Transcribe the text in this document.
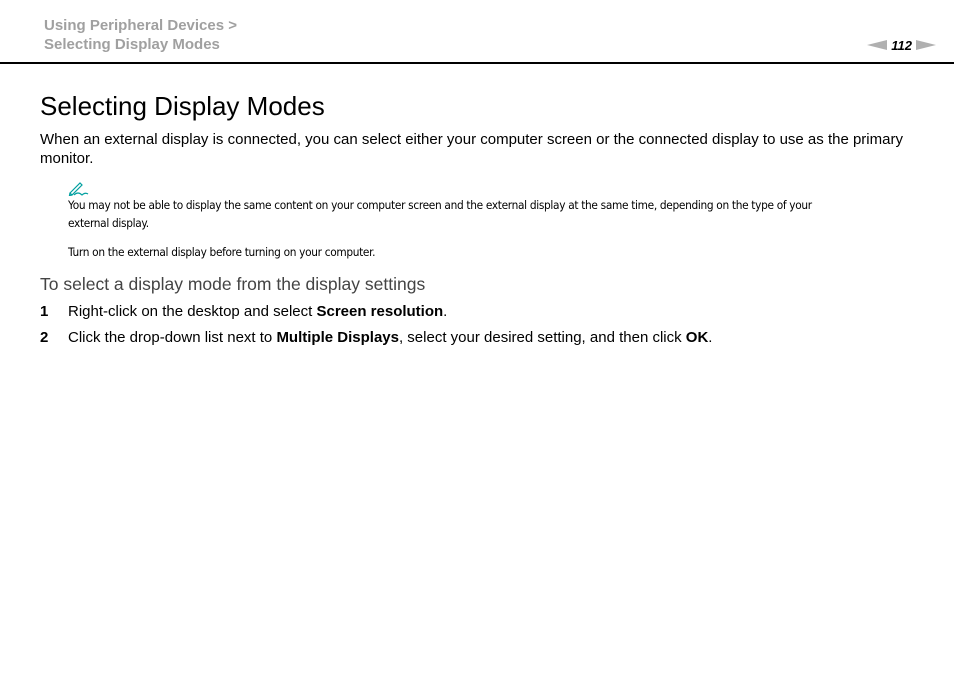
Using Peripheral Devices >
Selecting Display Modes	112
Selecting Display Modes
When an external display is connected, you can select either your computer screen or the connected display to use as the primary monitor.
You may not be able to display the same content on your computer screen and the external display at the same time, depending on the type of your external display.
Turn on the external display before turning on your computer.
To select a display mode from the display settings
1 Right-click on the desktop and select Screen resolution.
2 Click the drop-down list next to Multiple Displays, select your desired setting, and then click OK.
